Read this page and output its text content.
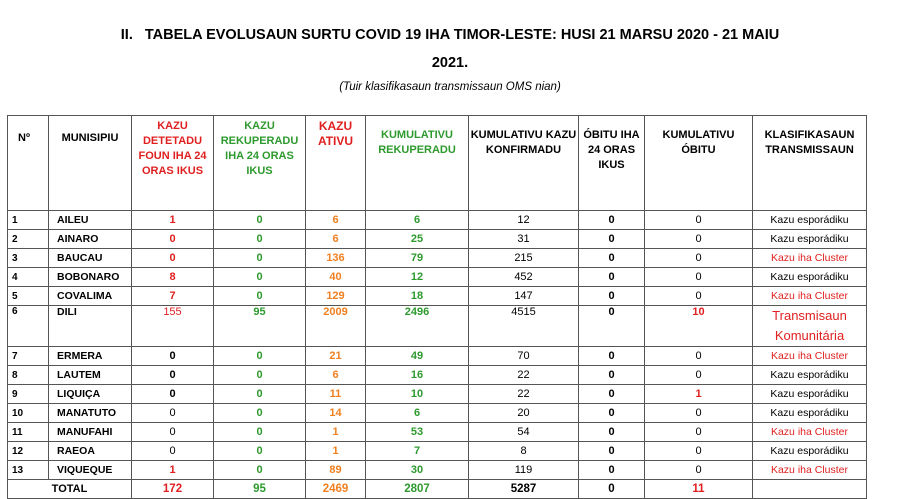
II. TABELA EVOLUSAUN SURTU COVID 19 IHA TIMOR-LESTE: HUSI 21 MARSU 2020 - 21 MAIU
2021.
(Tuir klasifikasaun transmissaun OMS nian)
Nº	MUNISIPIU	KAZU DETETADU FOUN IHA 24 ORAS IKUS	KAZU REKUPERADU IHA 24 ORAS IKUS	KAZU ATIVU	KUMULATIVU REKUPERADU	KUMULATIVU KAZU KONFIRMADU	ÓBITU IHA 24 ORAS IKUS	KUMULATIVU ÓBITU	KLASIFIKASAUN TRANSMISSAUN
1	AILEU	1	0	6	6	12	0	0	Kazu esporádiku
2	AINARO	0	0	6	25	31	0	0	Kazu esporádiku
3	BAUCAU	0	0	136	79	215	0	0	Kazu iha Cluster
4	BOBONARO	8	0	40	12	452	0	0	Kazu esporádiku
5	COVALIMA	7	0	129	18	147	0	0	Kazu iha Cluster
6	DILI	155	95	2009	2496	4515	0	10	Transmisaun Komunitária
7	ERMERA	0	0	21	49	70	0	0	Kazu iha Cluster
8	LAUTEM	0	0	6	16	22	0	0	Kazu esporádiku
9	LIQUIÇA	0	0	11	10	22	0	1	Kazu esporádiku
10	MANATUTO	0	0	14	6	20	0	0	Kazu esporádiku
11	MANUFAHI	0	0	1	53	54	0	0	Kazu iha Cluster
12	RAEOA	0	0	1	7	8	0	0	Kazu esporádiku
13	VIQUEQUE	1	0	89	30	119	0	0	Kazu iha Cluster
TOTAL		172	95	2469	2807	5287	0	11	
